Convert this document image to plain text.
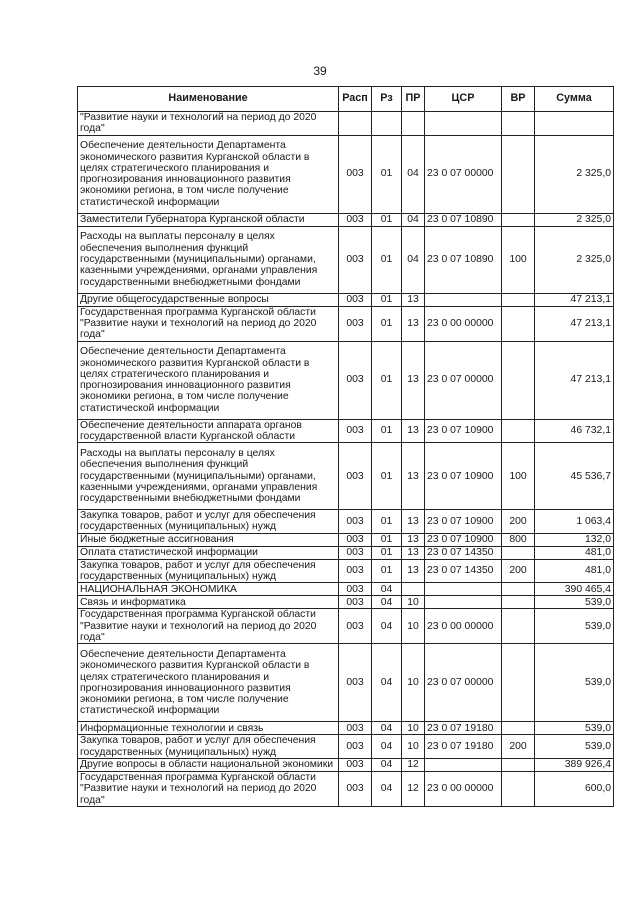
39
Наименование	Расп	Рз	ПР	ЦСР	ВР	Сумма
"Развитие науки и технологий на период до 2020 года"						
Обеспечение деятельности Департамента экономического развития Курганской области в целях стратегического планирования и прогнозирования инновационного развития экономики региона, в том числе получение статистической информации	003	01	04	23 0 07 00000		2 325,0
Заместители Губернатора Курганской области	003	01	04	23 0 07 10890		2 325,0
Расходы на выплаты персоналу в целях обеспечения выполнения функций государственными (муниципальными) органами, казенными учреждениями, органами управления государственными внебюджетными фондами	003	01	04	23 0 07 10890	100	2 325,0
Другие общегосударственные вопросы	003	01	13			47 213,1
Государственная программа Курганской области "Развитие науки и технологий на период до 2020 года"	003	01	13	23 0 00 00000		47 213,1
Обеспечение деятельности Департамента экономического развития Курганской области в целях стратегического планирования и прогнозирования инновационного развития экономики региона, в том числе получение статистической информации	003	01	13	23 0 07 00000		47 213,1
Обеспечение деятельности аппарата органов государственной власти Курганской области	003	01	13	23 0 07 10900		46 732,1
Расходы на выплаты персоналу в целях обеспечения выполнения функций государственными (муниципальными) органами, казенными учреждениями, органами управления государственными внебюджетными фондами	003	01	13	23 0 07 10900	100	45 536,7
Закупка товаров, работ и услуг для обеспечения государственных (муниципальных) нужд	003	01	13	23 0 07 10900	200	1 063,4
Иные бюджетные ассигнования	003	01	13	23 0 07 10900	800	132,0
Оплата статистической информации	003	01	13	23 0 07 14350		481,0
Закупка товаров, работ и услуг для обеспечения государственных (муниципальных) нужд	003	01	13	23 0 07 14350	200	481,0
НАЦИОНАЛЬНАЯ ЭКОНОМИКА	003	04				390 465,4
Связь и информатика	003	04	10			539,0
Государственная программа Курганской области "Развитие науки и технологий на период до 2020 года"	003	04	10	23 0 00 00000		539,0
Обеспечение деятельности Департамента экономического развития Курганской области в целях стратегического планирования и прогнозирования инновационного развития экономики региона, в том числе получение статистической информации	003	04	10	23 0 07 00000		539,0
Информационные технологии и связь	003	04	10	23 0 07 19180		539,0
Закупка товаров, работ и услуг для обеспечения государственных (муниципальных) нужд	003	04	10	23 0 07 19180	200	539,0
Другие вопросы в области национальной экономики	003	04	12			389 926,4
Государственная программа Курганской области "Развитие науки и технологий на период до 2020 года"	003	04	12	23 0 00 00000		600,0
